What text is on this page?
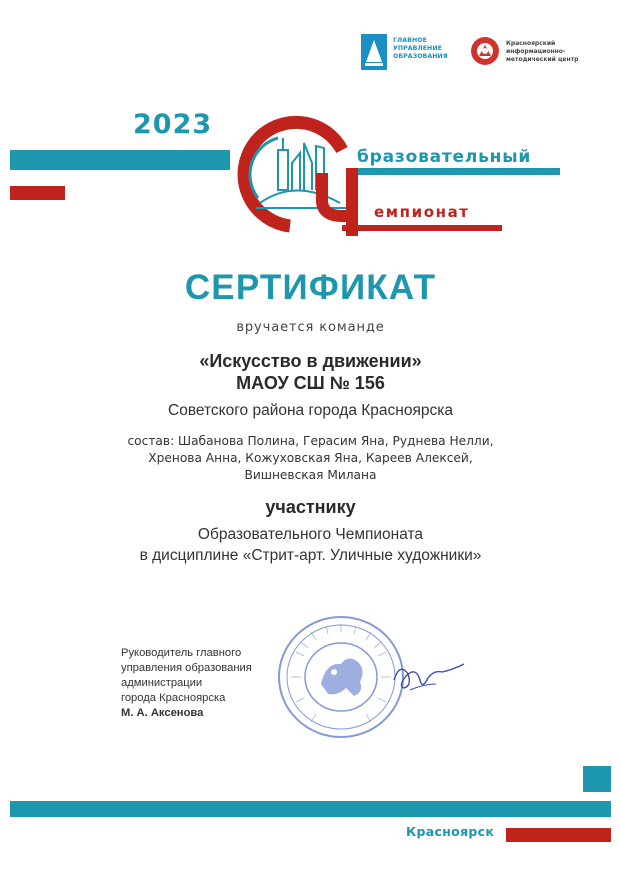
ГЛАВНОЕ
УПРАВЛЕНИЕ
ОБРАЗОВАНИЯ
Красноярский
информационно-
методический центр
2023
бразовательный
емпионат
СЕРТИФИКАТ
вручается команде
«Искусство в движении»
МАОУ СШ № 156
Советского района города Красноярска
состав: Шабанова Полина, Герасим Яна, Руднева Нелли,
Хренова Анна, Кожуховская Яна, Кареев Алексей,
Вишневская Милана
участнику
Образовательного Чемпионата
в дисциплине «Стрит-арт. Уличные художники»
Руководитель главного
управления образования
администрации
города Красноярска
М. А. Аксенова
Красноярск
